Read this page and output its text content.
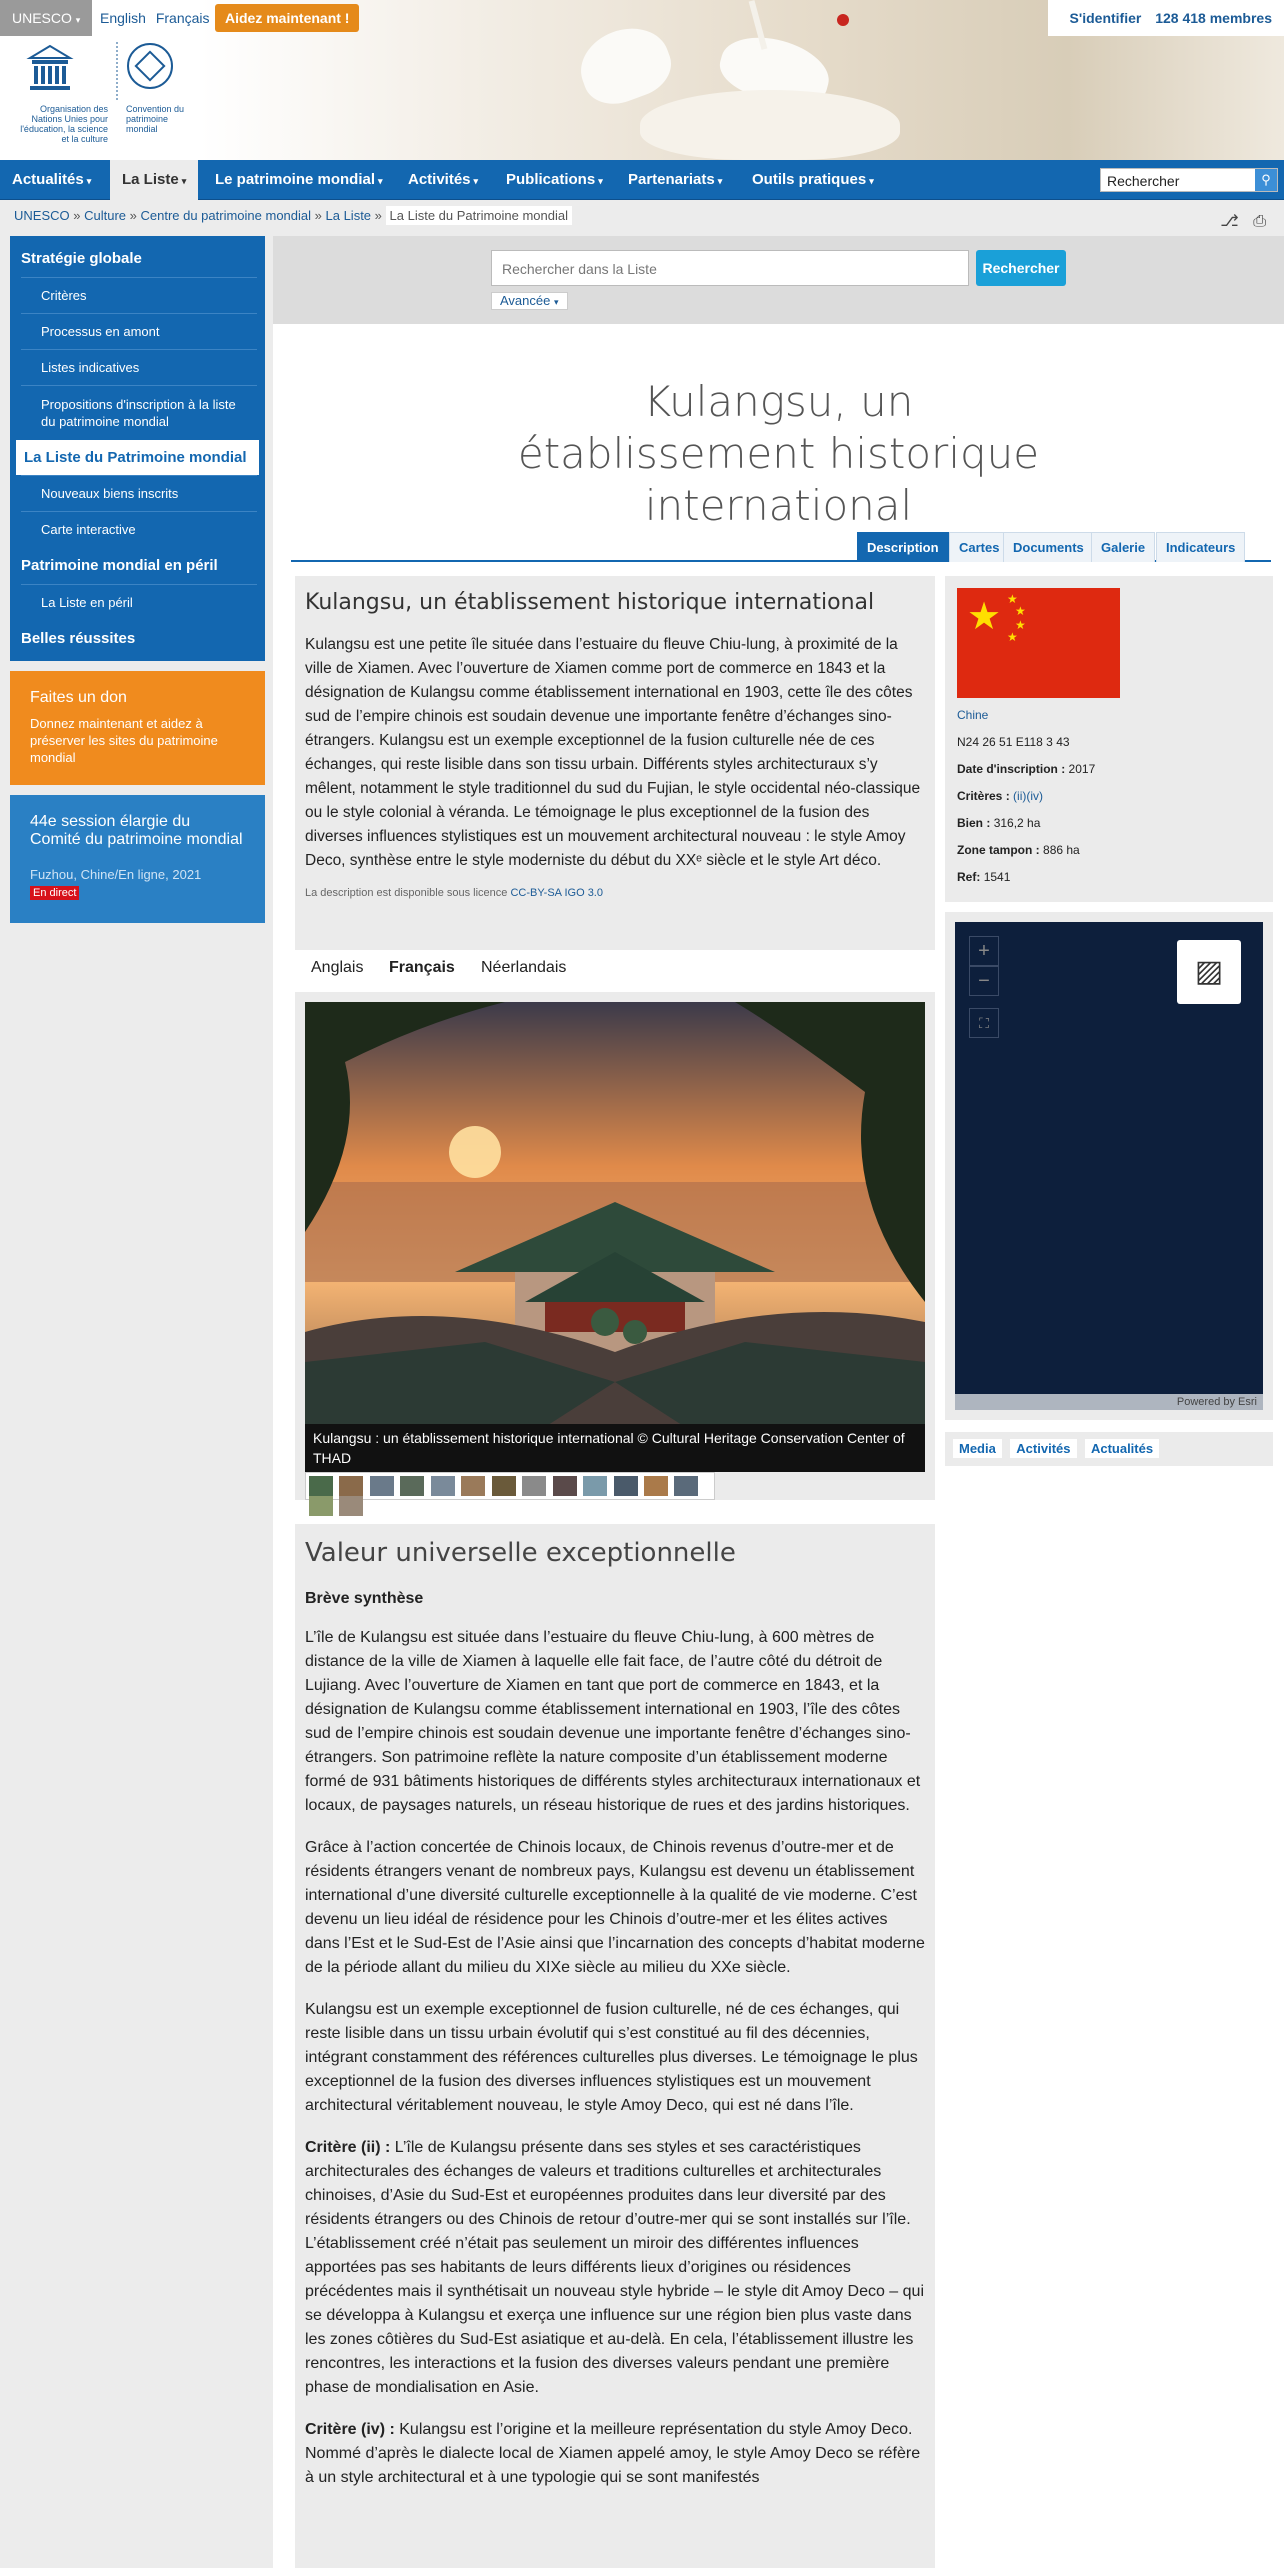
UNESCO ▾	English Français	Aidez maintenant !	S'identifier 128 418 membres
Organisation des Nations Unies pour l'éducation, la science et la culture
Convention du patrimoine mondial
Actualités ▾	La Liste ▾	Le patrimoine mondial ▾	Activités ▾	Publications ▾	Partenariats ▾	Outils pratiques ▾	Rechercher	⚲
UNESCO » Culture » Centre du patrimoine mondial » La Liste » La Liste du Patrimoine mondial	⎇ ⎙
Stratégie globale
Critères
Processus en amont
Listes indicatives
Propositions d'inscription à la liste du patrimoine mondial
La Liste du Patrimoine mondial
Nouveaux biens inscrits
Carte interactive
Patrimoine mondial en péril
La Liste en péril
Belles réussites
Faites un don
Donnez maintenant et aidez à préserver les sites du patrimoine mondial
44e session élargie du Comité du patrimoine mondial
Fuzhou, Chine/En ligne, 2021
En direct
Rechercher dans la Liste	Rechercher
Avancée ▾
Kulangsu, un établissement historique international
Description	Cartes	Documents	Galerie	Indicateurs
Kulangsu, un établissement historique international

Kulangsu est une petite île située dans l’estuaire du fleuve Chiu-lung, à proximité de la ville de Xiamen. Avec l’ouverture de Xiamen comme port de commerce en 1843 et la désignation de Kulangsu comme établissement international en 1903, cette île des côtes sud de l’empire chinois est soudain devenue une importante fenêtre d’échanges sino-étrangers. Kulangsu est un exemple exceptionnel de la fusion culturelle née de ces échanges, qui reste lisible dans son tissu urbain. Différents styles architecturaux s’y mêlent, notamment le style traditionnel du sud du Fujian, le style occidental néo-classique ou le style colonial à véranda. Le témoignage le plus exceptionnel de la fusion des diverses influences stylistiques est un mouvement architectural nouveau : le style Amoy Deco, synthèse entre le style moderniste du début du XXᵉ siècle et le style Art déco.

La description est disponible sous licence CC-BY-SA IGO 3.0
★ ★
★
★
★
Chine
N24 26 51 E118 3 43
Date d'inscription : 2017
Critères : (ii)(iv)
Bien : 316,2 ha
Zone tampon : 886 ha
Ref: 1541
+
−
⛶
▨
Powered by Esri
Media Activités Actualités
Anglais	Français	Néerlandais
Kulangsu : un établissement historique international © Cultural Heritage Conservation Center of THAD

Valeur universelle exceptionnelle
Brève synthèse

L’île de Kulangsu est située dans l’estuaire du fleuve Chiu-lung, à 600 mètres de distance de la ville de Xiamen à laquelle elle fait face, de l’autre côté du détroit de Lujiang. Avec l’ouverture de Xiamen en tant que port de commerce en 1843, et la désignation de Kulangsu comme établissement international en 1903, l’île des côtes sud de l’empire chinois est soudain devenue une importante fenêtre d’échanges sino-étrangers. Son patrimoine reflète la nature composite d’un établissement moderne formé de 931 bâtiments historiques de différents styles architecturaux internationaux et locaux, de paysages naturels, un réseau historique de rues et des jardins historiques.

Grâce à l’action concertée de Chinois locaux, de Chinois revenus d’outre-mer et de résidents étrangers venant de nombreux pays, Kulangsu est devenu un établissement international d’une diversité culturelle exceptionnelle à la qualité de vie moderne. C’est devenu un lieu idéal de résidence pour les Chinois d’outre-mer et les élites actives dans l’Est et le Sud-Est de l’Asie ainsi que l’incarnation des concepts d’habitat moderne de la période allant du milieu du XIXe siècle au milieu du XXe siècle.

Kulangsu est un exemple exceptionnel de fusion culturelle, né de ces échanges, qui reste lisible dans un tissu urbain évolutif qui s’est constitué au fil des décennies, intégrant constamment des références culturelles plus diverses. Le témoignage le plus exceptionnel de la fusion des diverses influences stylistiques est un mouvement architectural véritablement nouveau, le style Amoy Deco, qui est né dans l’île.

Critère (ii) : L’île de Kulangsu présente dans ses styles et ses caractéristiques architecturales des échanges de valeurs et traditions culturelles et architecturales chinoises, d’Asie du Sud-Est et européennes produites dans leur diversité par des résidents étrangers ou des Chinois de retour d’outre-mer qui se sont installés sur l’île. L’établissement créé n’était pas seulement un miroir des différentes influences apportées pas ses habitants de leurs différents lieux d’origines ou résidences précédentes mais il synthétisait un nouveau style hybride – le style dit Amoy Deco – qui se développa à Kulangsu et exerça une influence sur une région bien plus vaste dans les zones côtières du Sud-Est asiatique et au-delà. En cela, l’établissement illustre les rencontres, les interactions et la fusion des diverses valeurs pendant une première phase de mondialisation en Asie.

Critère (iv) : Kulangsu est l’origine et la meilleure représentation du style Amoy Deco. Nommé d’après le dialecte local de Xiamen appelé amoy, le style Amoy Deco se réfère à un style architectural et à une typologie qui se sont manifestés
